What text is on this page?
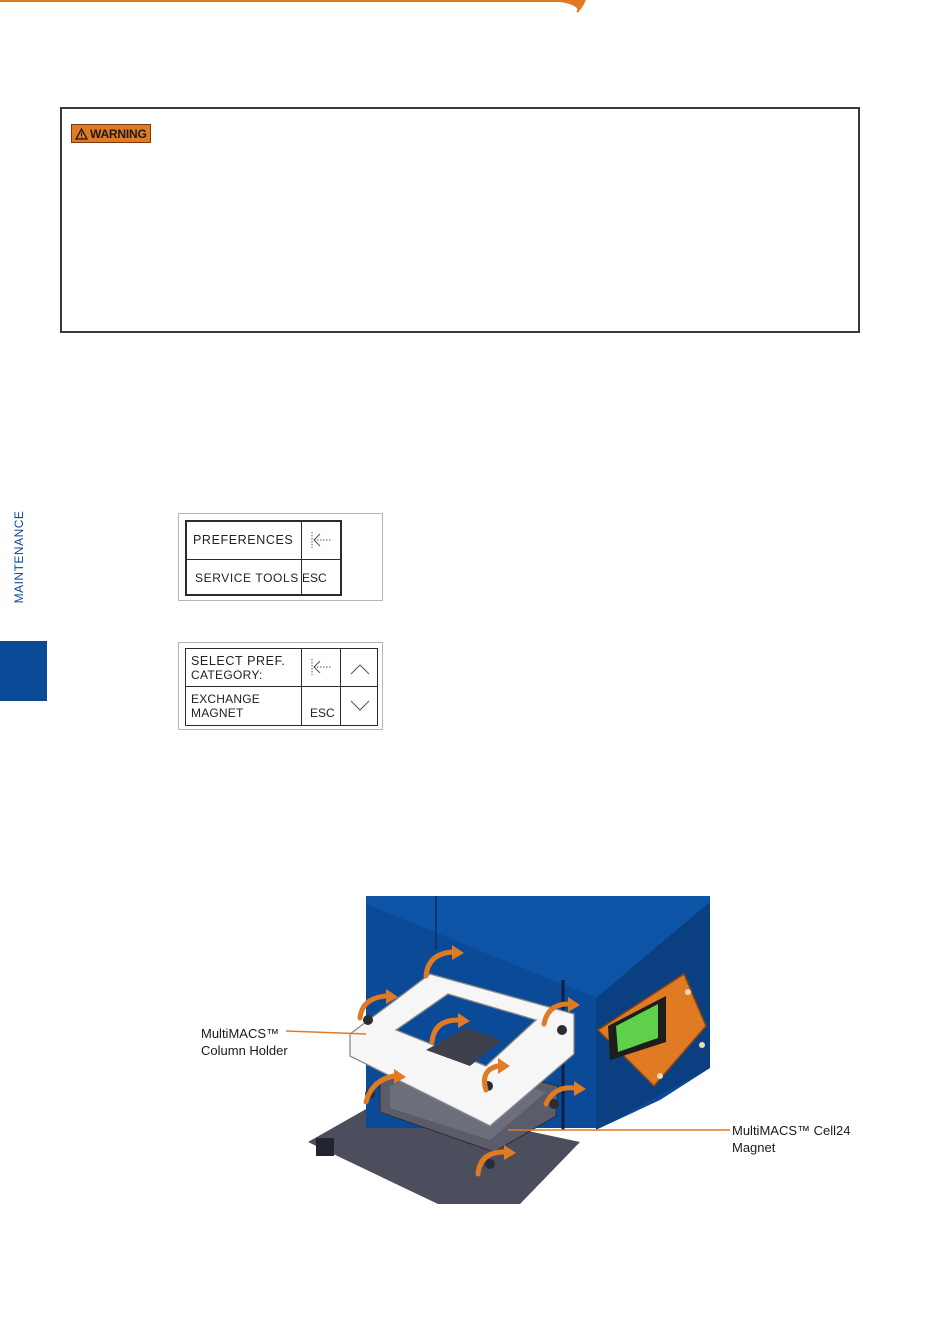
WARNING
MAINTENANCE	PREFERENCES
SERVICE TOOLS ESC
SELECT PREF.
CATEGORY:
EXCHANGE
MAGNET	ESC
MultiMACS™
Column Holder
MultiMACS™ Cell24
Magnet
